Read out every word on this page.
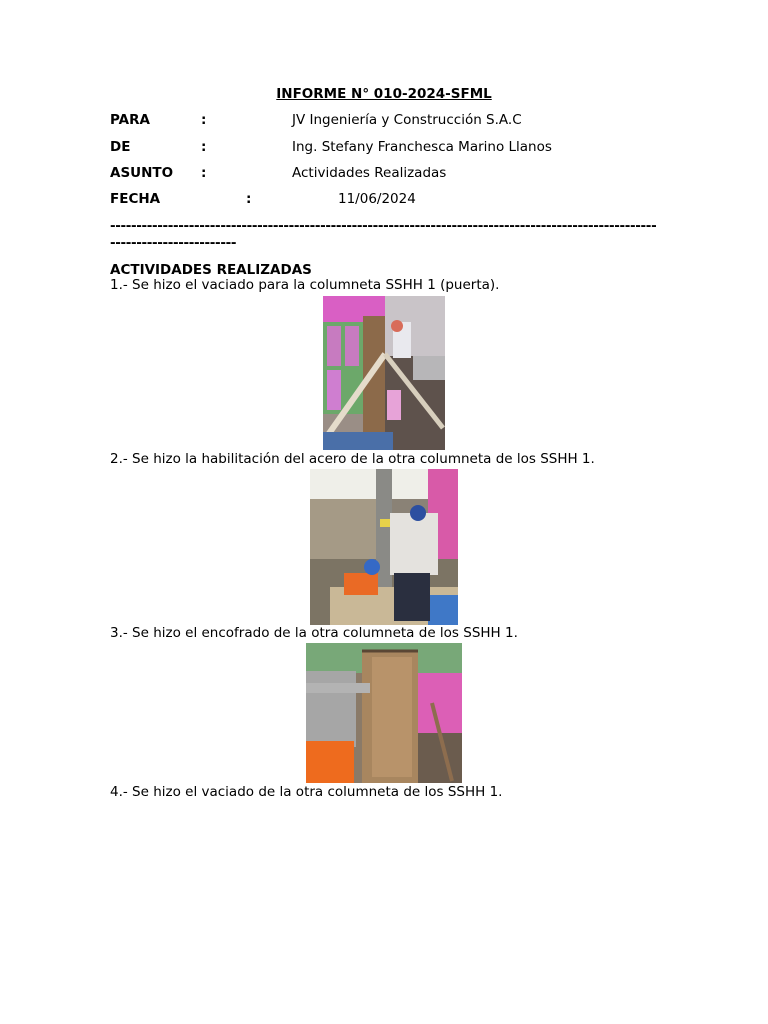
INFORME N° 010-2024-SFML
PARA	:	JV Ingeniería y Construcción S.A.C
DE	:	Ing. Stefany Franchesca Marino Llanos
ASUNTO :	Actividades Realizadas
FECHA	:	11/06/2024
--------------------------------------------------------------------------------------------------------------------------------
ACTIVIDADES REALIZADAS
1.- Se hizo el vaciado para la columneta SSHH 1 (puerta).
2.- Se hizo la habilitación del acero de la otra columneta de los SSHH 1.
3.- Se hizo el encofrado de la otra columneta de los SSHH 1.
4.- Se hizo el vaciado de la otra columneta de los SSHH 1.
